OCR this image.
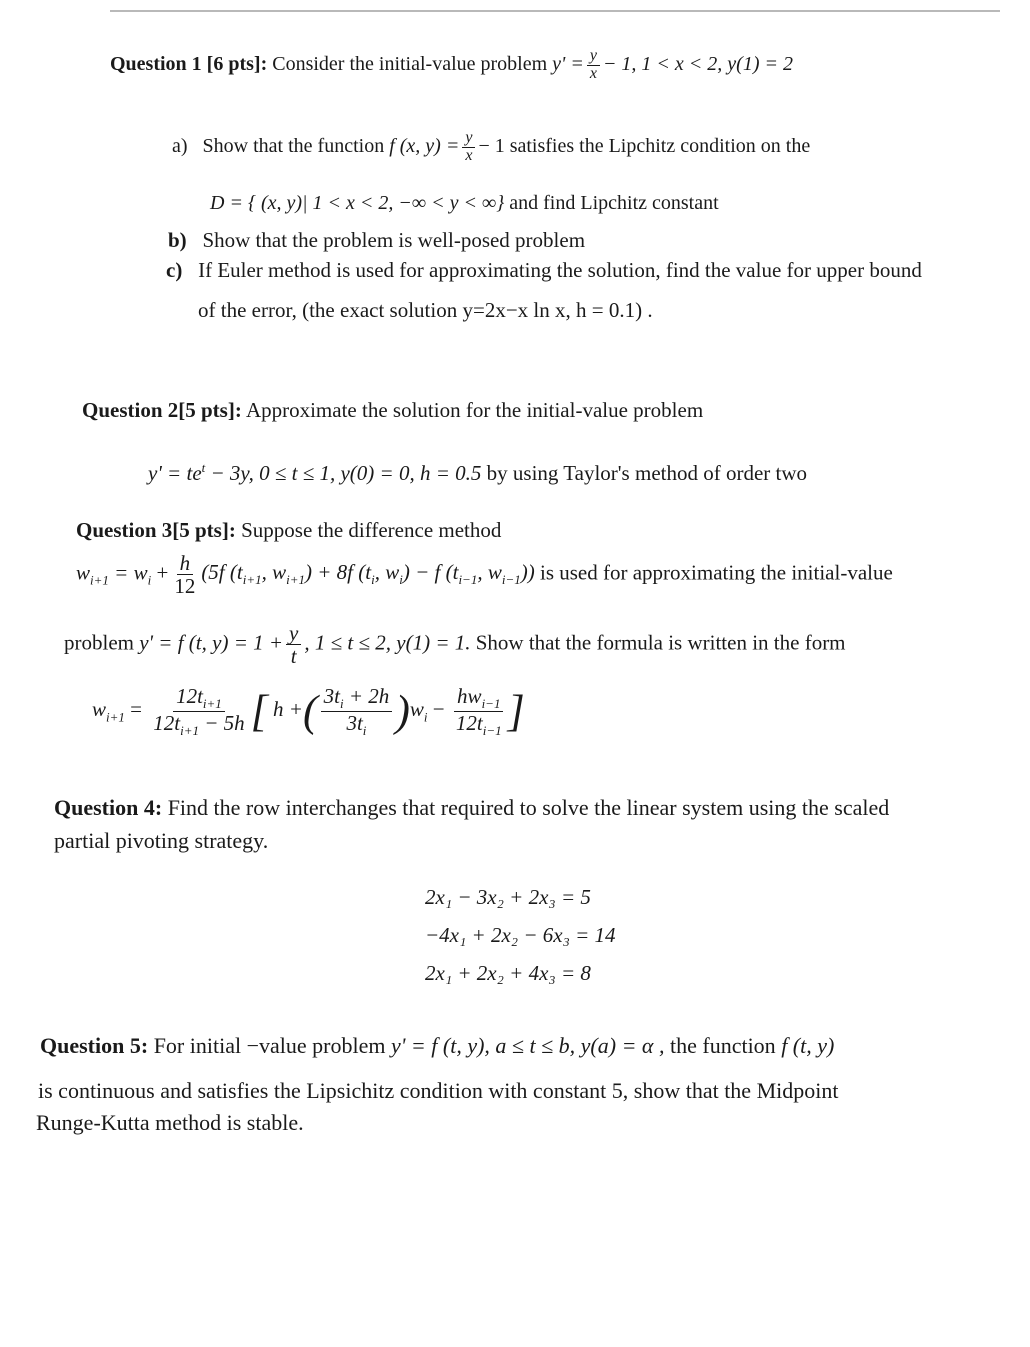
Question 1 [6 pts]: Consider the initial-value problem $y' = \frac{y}{x} - 1$, 1 < x < 2, y(1) = 2
a) Show that the function f (x, $y) = \frac{y}{x} - 1$ satisfies the Lipchitz condition on the
D = { (x, y)| 1 < x < 2, −∞ < y < ∞} and find Lipchitz constant
b) Show that the problem is well-posed problem
c) If Euler method is used for approximating the solution, find the value for upper bound
of the error, (the exact solution y=2x−x ln x, h = 0.1) .
Question 2[5 pts]: Approximate the solution for the initial-value problem
$y' = te^t - 3y$, 0 ≤ t ≤ 1, y(0) = 0, h = 0.5 by using Taylor's method of order two
Question 3[5 pts]: Suppose the difference method
$w_{i+1} = w_i + \frac{h}{12} (5f$ ($t_{i+1}$, $w_{i+1}) + 8f$ ($t_i$, $w_i) - f$ ($t_{i-1}$, $w_{i-1}$)) is used for approximating the initial-value
problem y' = f (t, $y) = 1 + \frac{y}{t}$ , 1 ≤ t ≤ 2, y(1) = 1. Show that the formula is written in the form
$w_{i+1} = \frac{12t_{i+1}}{12t_{i+1} - 5h}$ [ h +( $\frac{3t_i + 2h}{3t_i} )w_i - \frac{hw_{i-1}}{12t_{i-1}}$ ]
Question 4: Find the row interchanges that required to solve the linear system using the scaled
partial pivoting strategy.
2x₁ − 3x₂ + 2x₃ = 5
−4x₁ + 2x₂ − 6x₃ = 14
2x₁ + 2x₂ + 4x₃ = 8
Question 5: For initial −value problem y' = f (t, y), a ≤ t ≤ b, y(a) = α , the function f (t, y)
is continuous and satisfies the Lipsichitz condition with constant 5, show that the Midpoint
Runge-Kutta method is stable.
